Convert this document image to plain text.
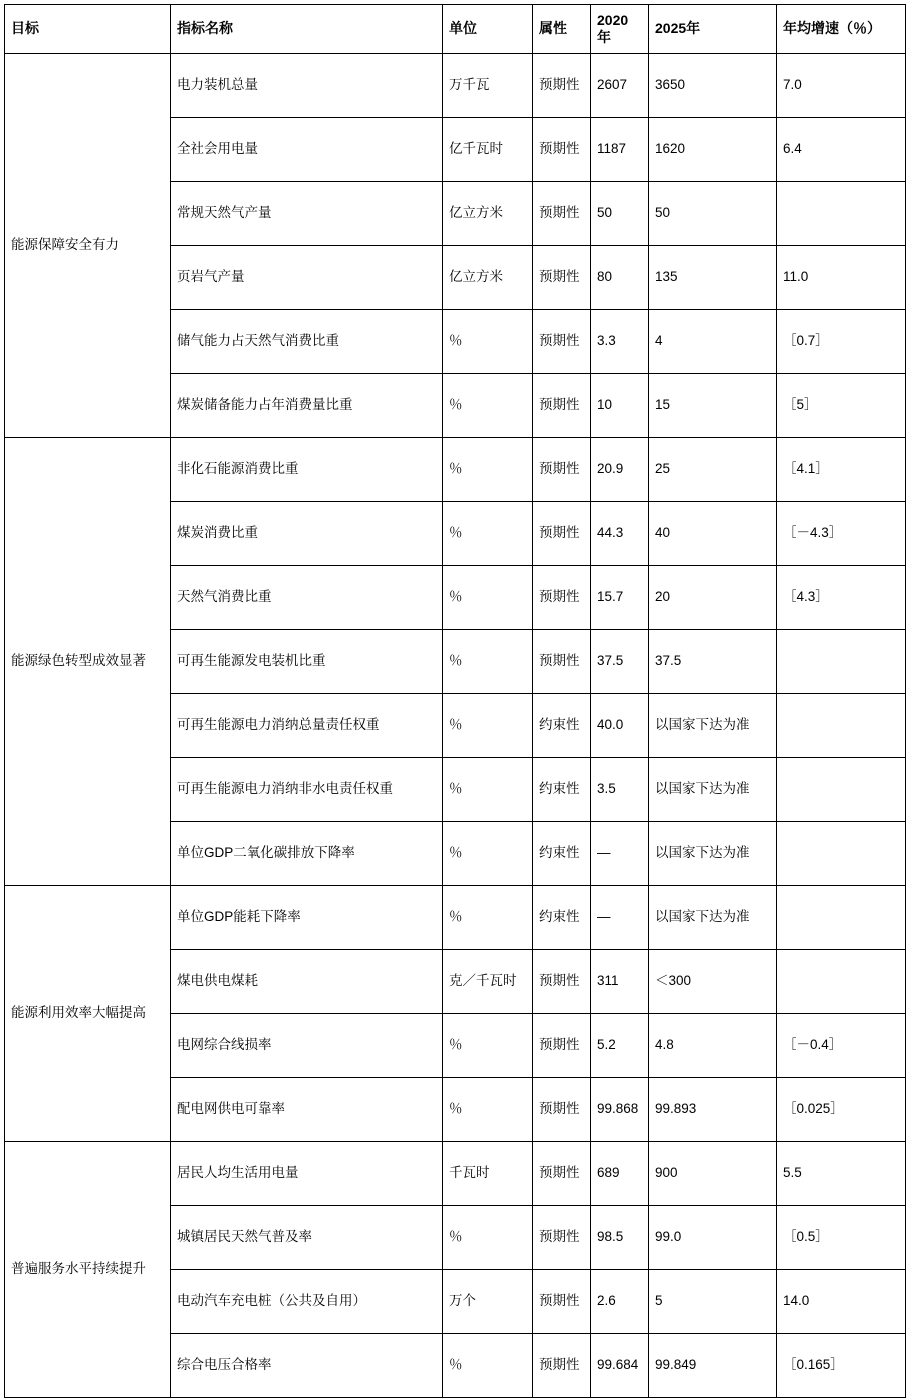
目标	指标名称	单位	属性	2020年	2025年	年均增速（％）
能源保障安全有力	电力装机总量	万千瓦	预期性	2607	3650	7.0
	全社会用电量	亿千瓦时	预期性	1187	1620	6.4
	常规天然气产量	亿立方米	预期性	50	50	
	页岩气产量	亿立方米	预期性	80	135	11.0
	储气能力占天然气消费比重	％	预期性	3.3	4	［0.7］
	煤炭储备能力占年消费量比重	％	预期性	10	15	［5］
能源绿色转型成效显著	非化石能源消费比重	％	预期性	20.9	25	［4.1］
	煤炭消费比重	％	预期性	44.3	40	［－4.3］
	天然气消费比重	％	预期性	15.7	20	［4.3］
	可再生能源发电装机比重	％	预期性	37.5	37.5	
	可再生能源电力消纳总量责任权重	％	约束性	40.0	以国家下达为准	
	可再生能源电力消纳非水电责任权重	％	约束性	3.5	以国家下达为准	
	单位GDP二氧化碳排放下降率	％	约束性	—	以国家下达为准	
能源利用效率大幅提高	单位GDP能耗下降率	％	约束性	—	以国家下达为准	
	煤电供电煤耗	克／千瓦时	预期性	311	＜300	
	电网综合线损率	％	预期性	5.2	4.8	［－0.4］
	配电网供电可靠率	％	预期性	99.868	99.893	［0.025］
普遍服务水平持续提升	居民人均生活用电量	千瓦时	预期性	689	900	5.5
	城镇居民天然气普及率	％	预期性	98.5	99.0	［0.5］
	电动汽车充电桩（公共及自用）	万个	预期性	2.6	5	14.0
	综合电压合格率	％	预期性	99.684	99.849	［0.165］
